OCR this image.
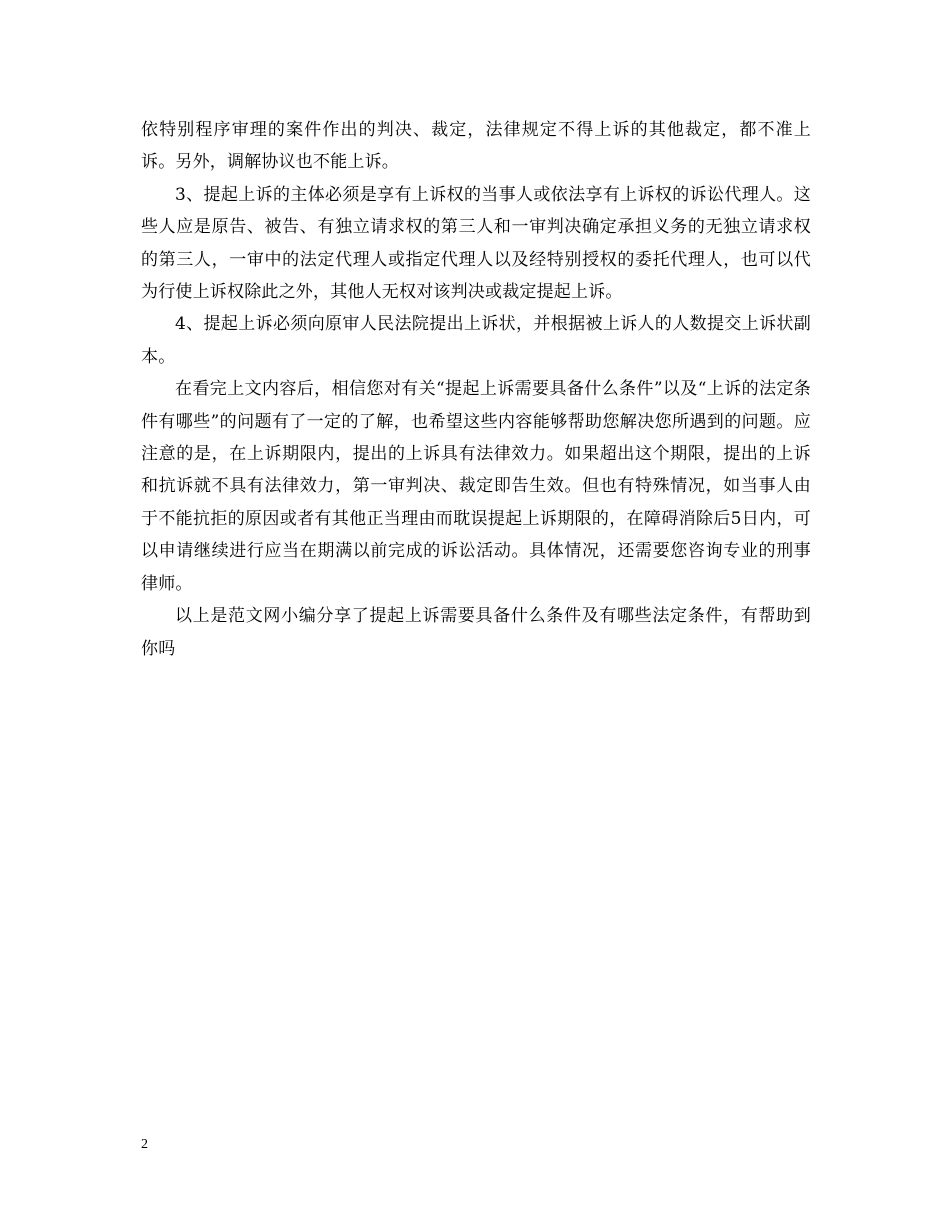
依特别程序审理的案件作出的判决、裁定，法律规定不得上诉的其他裁定，都不准上诉。另外，调解协议也不能上诉。

3、提起上诉的主体必须是享有上诉权的当事人或依法享有上诉权的诉讼代理人。这些人应是原告、被告、有独立请求权的第三人和一审判决确定承担义务的无独立请求权的第三人，一审中的法定代理人或指定代理人以及经特别授权的委托代理人，也可以代为行使上诉权除此之外，其他人无权对该判决或裁定提起上诉。

4、提起上诉必须向原审人民法院提出上诉状，并根据被上诉人的人数提交上诉状副本。

在看完上文内容后，相信您对有关“提起上诉需要具备什么条件”以及“上诉的法定条件有哪些”的问题有了一定的了解，也希望这些内容能够帮助您解决您所遇到的问题。应注意的是，在上诉期限内，提出的上诉具有法律效力。如果超出这个期限，提出的上诉和抗诉就不具有法律效力，第一审判决、裁定即告生效。但也有特殊情况，如当事人由于不能抗拒的原因或者有其他正当理由而耽误提起上诉期限的，在障碍消除后5日内，可以申请继续进行应当在期满以前完成的诉讼活动。具体情况，还需要您咨询专业的刑事律师。

以上是范文网小编分享了提起上诉需要具备什么条件及有哪些法定条件，有帮助到你吗

2
